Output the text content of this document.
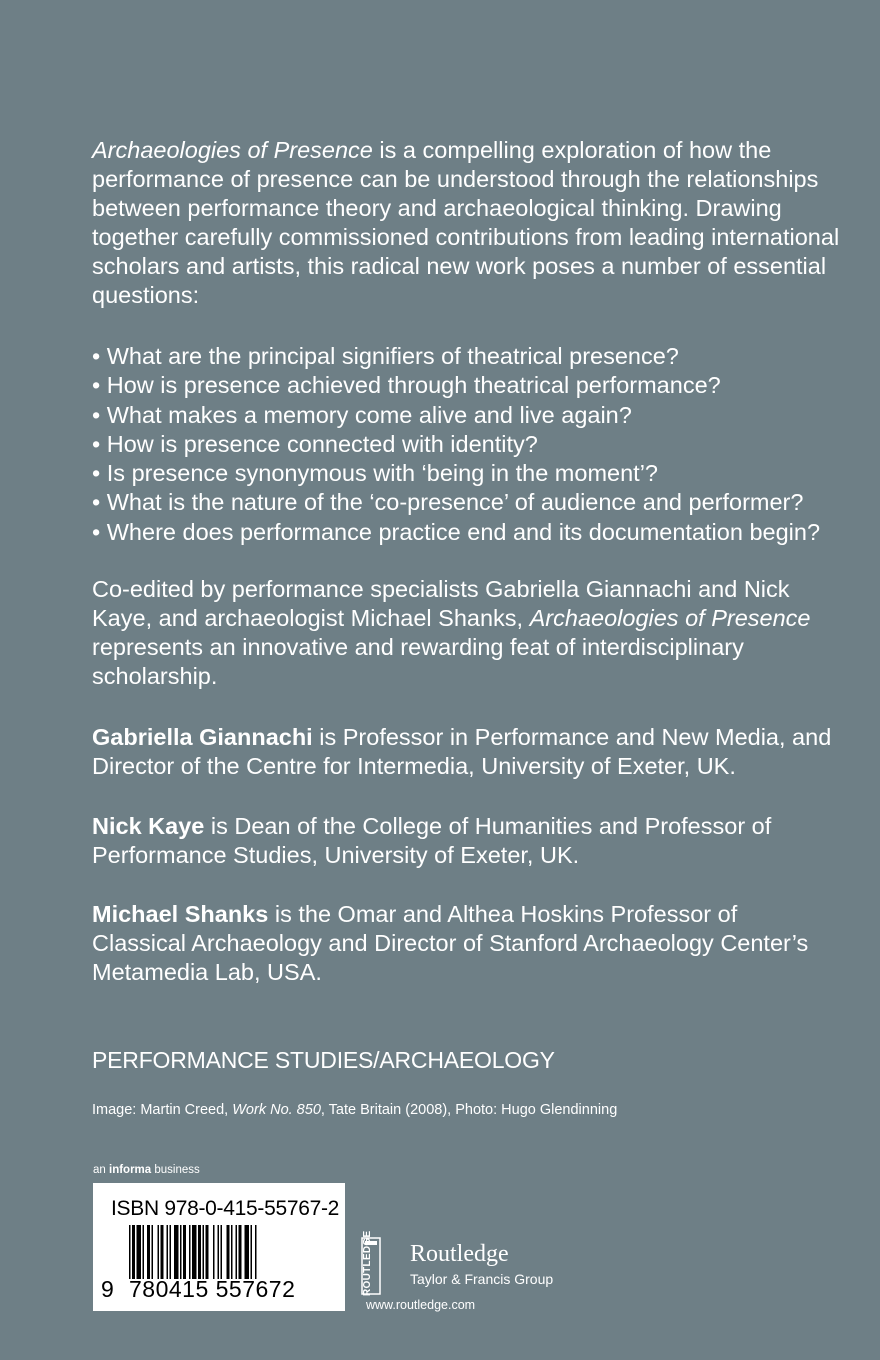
Archaeologies of Presence is a compelling exploration of how the performance of presence can be understood through the relationships between performance theory and archaeological thinking. Drawing together carefully commissioned contributions from leading international scholars and artists, this radical new work poses a number of essential questions:

• What are the principal signifiers of theatrical presence?
• How is presence achieved through theatrical performance?
• What makes a memory come alive and live again?
• How is presence connected with identity?
• Is presence synonymous with ‘being in the moment’?
• What is the nature of the ‘co-presence’ of audience and performer?
• Where does performance practice end and its documentation begin?

Co-edited by performance specialists Gabriella Giannachi and Nick Kaye, and archaeologist Michael Shanks, Archaeologies of Presence represents an innovative and rewarding feat of interdisciplinary scholarship.

Gabriella Giannachi is Professor in Performance and New Media, and Director of the Centre for Intermedia, University of Exeter, UK.

Nick Kaye is Dean of the College of Humanities and Professor of Performance Studies, University of Exeter, UK.

Michael Shanks is the Omar and Althea Hoskins Professor of Classical Archaeology and Director of Stanford Archaeology Center’s Metamedia Lab, USA.

PERFORMANCE STUDIES/ARCHAEOLOGY

Image: Martin Creed, Work No. 850, Tate Britain (2008), Photo: Hugo Glendinning

an informa business
ISBN 978-0-415-55767-2
9 780415 557672	ROUTLEDGE Routledge
Taylor & Francis Group
www.routledge.com
